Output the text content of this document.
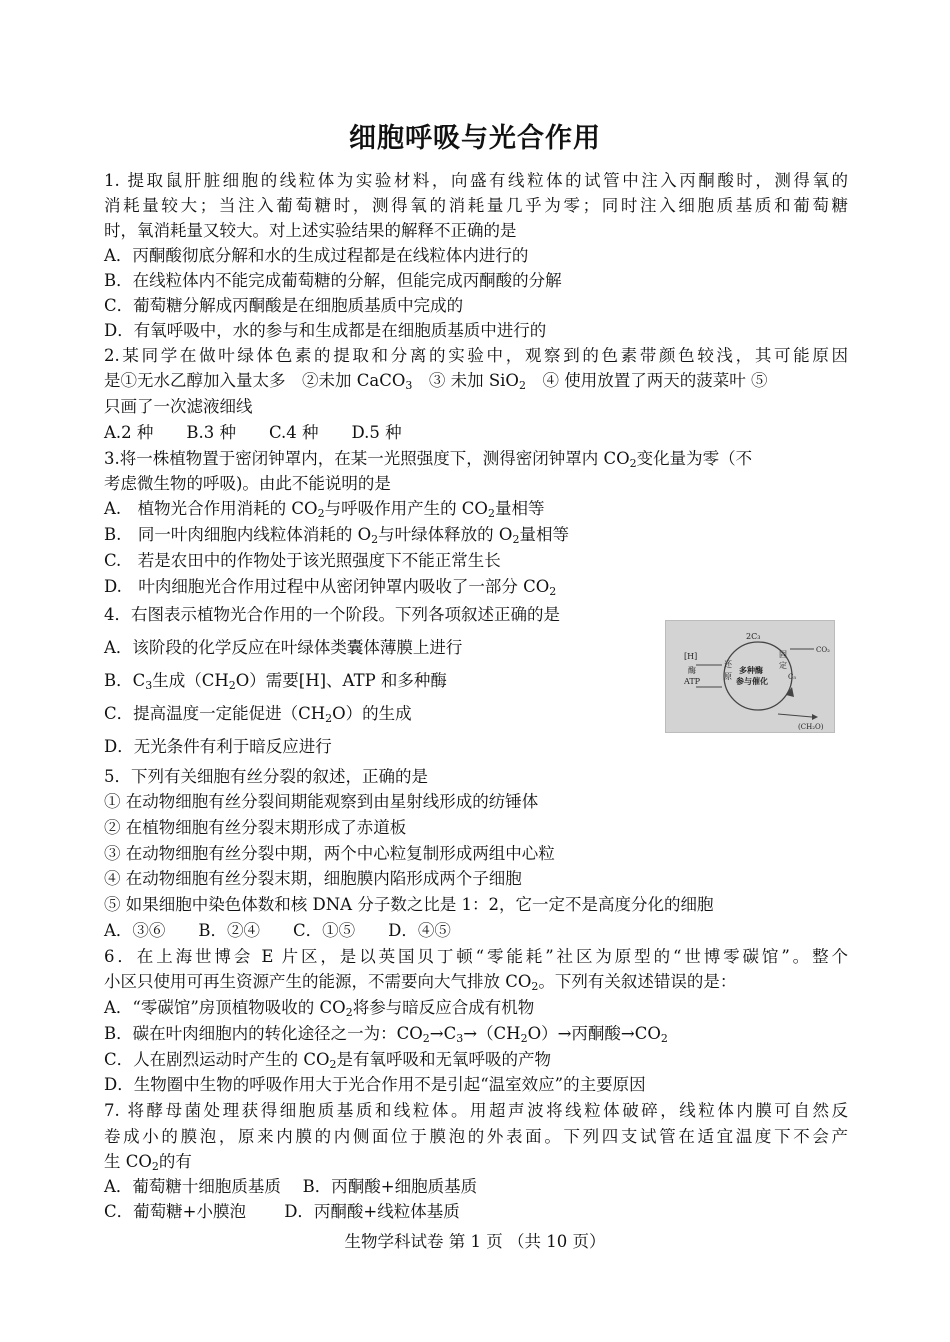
细胞呼吸与光合作用
1. 提取鼠肝脏细胞的线粒体为实验材料，向盛有线粒体的试管中注入丙酮酸时，测得氧的
消耗量较大；当注入葡萄糖时，测得氧的消耗量几乎为零；同时注入细胞质基质和葡萄糖
时，氧消耗量又较大。对上述实验结果的解释不正确的是
A．丙酮酸彻底分解和水的生成过程都是在线粒体内进行的
B．在线粒体内不能完成葡萄糖的分解，但能完成丙酮酸的分解
C．葡萄糖分解成丙酮酸是在细胞质基质中完成的
D．有氧呼吸中，水的参与和生成都是在细胞质基质中进行的
2.某同学在做叶绿体色素的提取和分离的实验中，观察到的色素带颜色较浅，其可能原因
是①无水乙醇加入量太多　②未加 CaCO$_3$　③ 未加 SiO$_2$　④ 使用放置了两天的菠菜叶 ⑤
只画了一次滤液细线
A.2 种　　B.3 种　　C.4 种　　D.5 种
3.将一株植物置于密闭钟罩内，在某一光照强度下，测得密闭钟罩内 $CO_2$变化量为零（不
考虑微生物的呼吸)。由此不能说明的是
A.　植物光合作用消耗的 $CO_2$与呼吸作用产生的 $CO_2$量相等
B.　同一叶肉细胞内线粒体消耗的 $O_2$与叶绿体释放的 $O_2$量相等
C.　若是农田中的作物处于该光照强度下不能正常生长
D.　叶肉细胞光合作用过程中从密闭钟罩内吸收了一部分 $CO_2$
4．右图表示植物光合作用的一个阶段。下列各项叙述正确的是
A．该阶段的化学反应在叶绿体类囊体薄膜上进行
B．$C_3$生成$(CH_2O)$需要[H]、ATP 和多种酶
C．提高温度一定能促进$(CH_2O)$的生成
D．无光条件有利于暗反应进行
[H]
酶
ATP
还
原
多种酶
参与催化
2C₃
固
定
CO₂
C₅
(CH₂O)
5．下列有关细胞有丝分裂的叙述，正确的是
① 在动物细胞有丝分裂间期能观察到由星射线形成的纺锤体
② 在植物细胞有丝分裂末期形成了赤道板
③ 在动物细胞有丝分裂中期，两个中心粒复制形成两组中心粒
④ 在动物细胞有丝分裂末期，细胞膜内陷形成两个子细胞
⑤ 如果细胞中染色体数和核 DNA 分子数之比是 1：2，它一定不是高度分化的细胞
A．③⑥　　B．②④　　C．①⑤　　D．④⑤
6．在上海世博会 E 片区，是以英国贝丁顿“零能耗”社区为原型的“世博零碳馆”。整个
小区只使用可再生资源产生的能源，不需要向大气排放 $CO_2$。下列有关叙述错误的是：
A．“零碳馆”房顶植物吸收的 $CO_2$将参与暗反应合成有机物
B．碳在叶肉细胞内的转化途径之一为：$CO_2\to C_3\to(CH_2O)\to$丙酮酸$\to CO_2$
C．人在剧烈运动时产生的 $CO_2$是有氧呼吸和无氧呼吸的产物
D．生物圈中生物的呼吸作用大于光合作用不是引起“温室效应”的主要原因
7. 将酵母菌处理获得细胞质基质和线粒体。用超声波将线粒体破碎，线粒体内膜可自然反
卷成小的膜泡，原来内膜的内侧面位于膜泡的外表面。下列四支试管在适宜温度下不会产
生 $CO_2$的有
A．葡萄糖十细胞质基质　 B．丙酮酸+细胞质基质
C．葡萄糖+小膜泡　　 D．丙酮酸+线粒体基质
生物学科试卷 第 1 页 （共 10 页）
